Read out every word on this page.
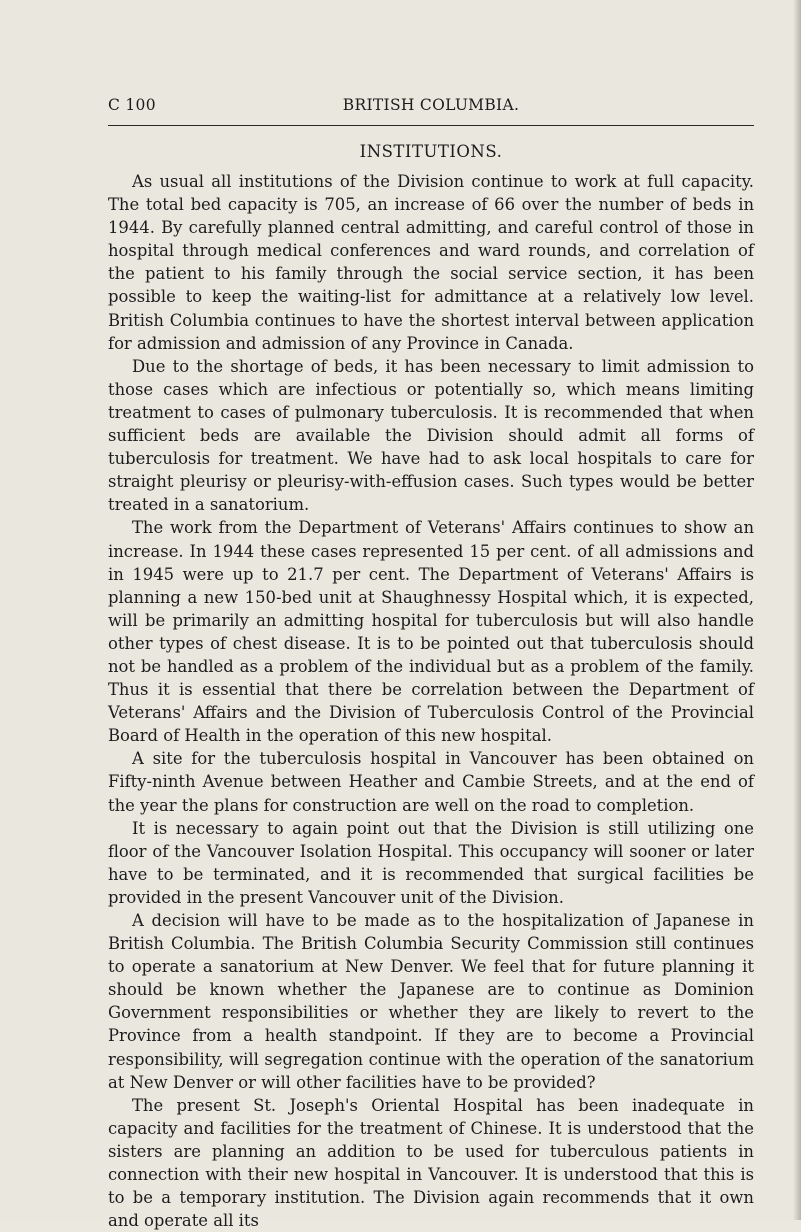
C 100	BRITISH COLUMBIA.
INSTITUTIONS.

As usual all institutions of the Division continue to work at full capacity. The total bed capacity is 705, an increase of 66 over the number of beds in 1944. By carefully planned central admitting, and careful control of those in hospital through medical conferences and ward rounds, and correlation of the patient to his family through the social service section, it has been possible to keep the waiting-list for admittance at a relatively low level. British Columbia continues to have the shortest interval between application for admission and admission of any Province in Canada.

Due to the shortage of beds, it has been necessary to limit admission to those cases which are infectious or potentially so, which means limiting treatment to cases of pulmonary tuberculosis. It is recommended that when sufficient beds are available the Division should admit all forms of tuberculosis for treatment. We have had to ask local hospitals to care for straight pleurisy or pleurisy-with-effusion cases. Such types would be better treated in a sanatorium.

The work from the Department of Veterans' Affairs continues to show an increase. In 1944 these cases represented 15 per cent. of all admissions and in 1945 were up to 21.7 per cent. The Department of Veterans' Affairs is planning a new 150-bed unit at Shaughnessy Hospital which, it is expected, will be primarily an admitting hospital for tuberculosis but will also handle other types of chest disease. It is to be pointed out that tuberculosis should not be handled as a problem of the individual but as a problem of the family. Thus it is essential that there be correlation between the Department of Veterans' Affairs and the Division of Tuberculosis Control of the Provincial Board of Health in the operation of this new hospital.

A site for the tuberculosis hospital in Vancouver has been obtained on Fifty-ninth Avenue between Heather and Cambie Streets, and at the end of the year the plans for construction are well on the road to completion.

It is necessary to again point out that the Division is still utilizing one floor of the Vancouver Isolation Hospital. This occupancy will sooner or later have to be terminated, and it is recommended that surgical facilities be provided in the present Vancouver unit of the Division.

A decision will have to be made as to the hospitalization of Japanese in British Columbia. The British Columbia Security Commission still continues to operate a sanatorium at New Denver. We feel that for future planning it should be known whether the Japanese are to continue as Dominion Government responsibilities or whether they are likely to revert to the Province from a health standpoint. If they are to become a Provincial responsibility, will segregation continue with the operation of the sanatorium at New Denver or will other facilities have to be provided?

The present St. Joseph's Oriental Hospital has been inadequate in capacity and facilities for the treatment of Chinese. It is understood that the sisters are planning an addition to be used for tuberculous patients in connection with their new hospital in Vancouver. It is understood that this is to be a temporary institution. The Division again recommends that it own and operate all its
